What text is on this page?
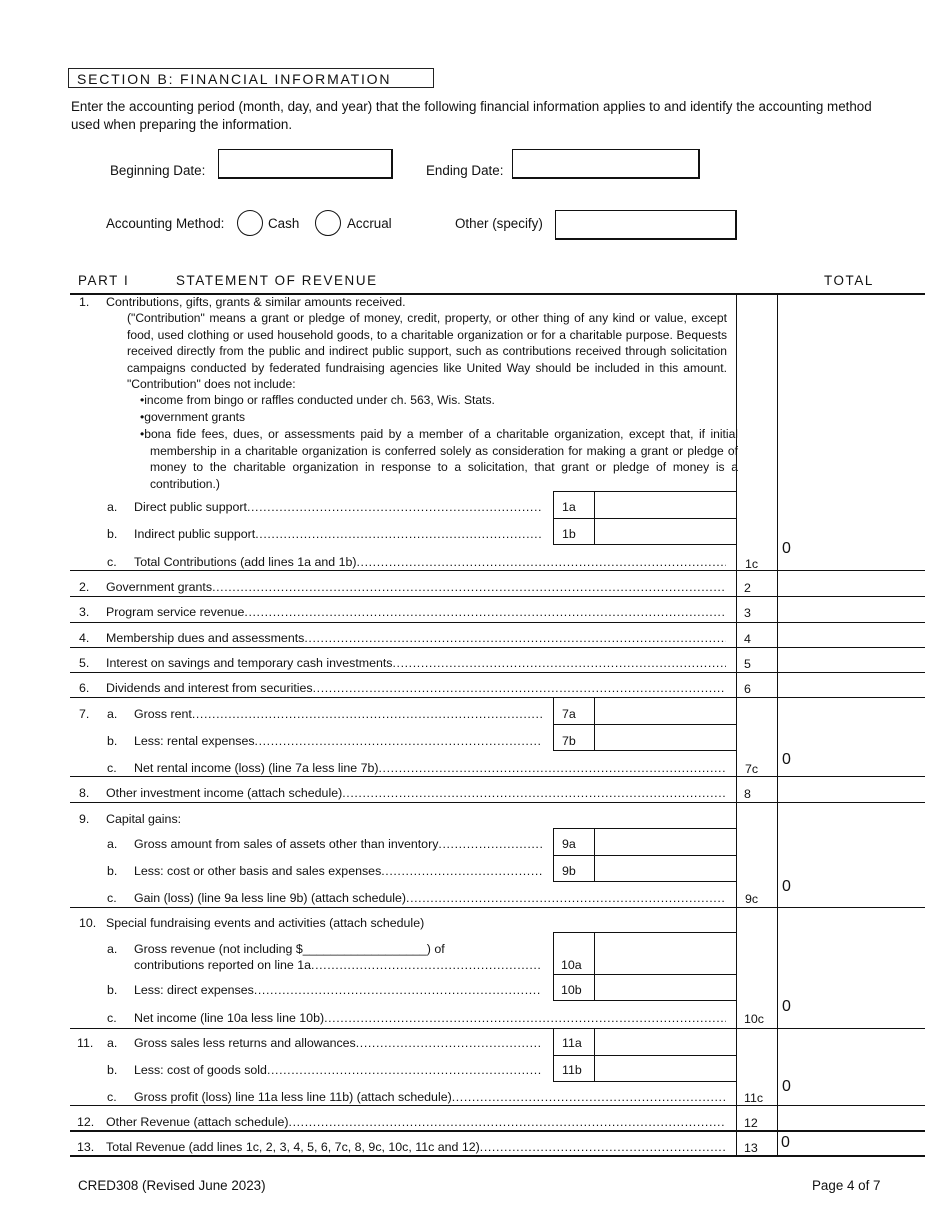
SECTION B: FINANCIAL INFORMATION
Enter the accounting period (month, day, and year) that the following financial information applies to and identify the accounting method used when preparing the information.
Beginning Date:	Ending Date:
Accounting Method:	Cash	Accrual	Other (specify)
PART I	STATEMENT OF REVENUE	TOTAL
1. Contributions, gifts, grants & similar amounts received.
("Contribution" means a grant or pledge of money, credit, property, or other thing of any kind or value, except food, used clothing or used household goods, to a charitable organization or for a charitable purpose. Bequests received directly from the public and indirect public support, such as contributions received through solicitation campaigns conducted by federated fundraising agencies like United Way should be included in this amount. "Contribution" does not include:
•income from bingo or raffles conducted under ch. 563, Wis. Stats.
•government grants
•bona fide fees, dues, or assessments paid by a member of a charitable organization, except that, if initial membership in a charitable organization is conferred solely as consideration for making a grant or pledge of money to the charitable organization in response to a solicitation, that grant or pledge of money is a contribution.)
a. Direct public support .....	1a
b. Indirect public support .....	1b
c. Total Contributions (add lines 1a and 1b) .....	1c
0
2. Government grants .....	2
3. Program service revenue .....	3
4. Membership dues and assessments .....	4
5. Interest on savings and temporary cash investments .....	5
6. Dividends and interest from securities .....	6
7. a. Gross rent .....	7a
b. Less: rental expenses .....	7b
c. Net rental income (loss) (line 7a less line 7b) .....	7c
0
8. Other investment income (attach schedule) .....	8
9. Capital gains:
a. Gross amount from sales of assets other than inventory .....	9a
b. Less: cost or other basis and sales expenses .....	9b
c. Gain (loss) (line 9a less line 9b) (attach schedule) .....	9c
0
10. Special fundraising events and activities (attach schedule)
a. Gross revenue (not including $__________________) of
contributions reported on line 1a .....	10a
b. Less: direct expenses .....	10b
c. Net income (line 10a less line 10b) .....	10c
0
11. a. Gross sales less returns and allowances .....	11a
b. Less: cost of goods sold .....	11b
c. Gross profit (loss) line 11a less line 11b) (attach schedule) .....	11c
0
12. Other Revenue (attach schedule) .....	12
13. Total Revenue (add lines 1c, 2, 3, 4, 5, 6, 7c, 8, 9c, 10c, 11c and 12) .....	13 0
CRED308 (Revised June 2023)	Page 4 of 7
